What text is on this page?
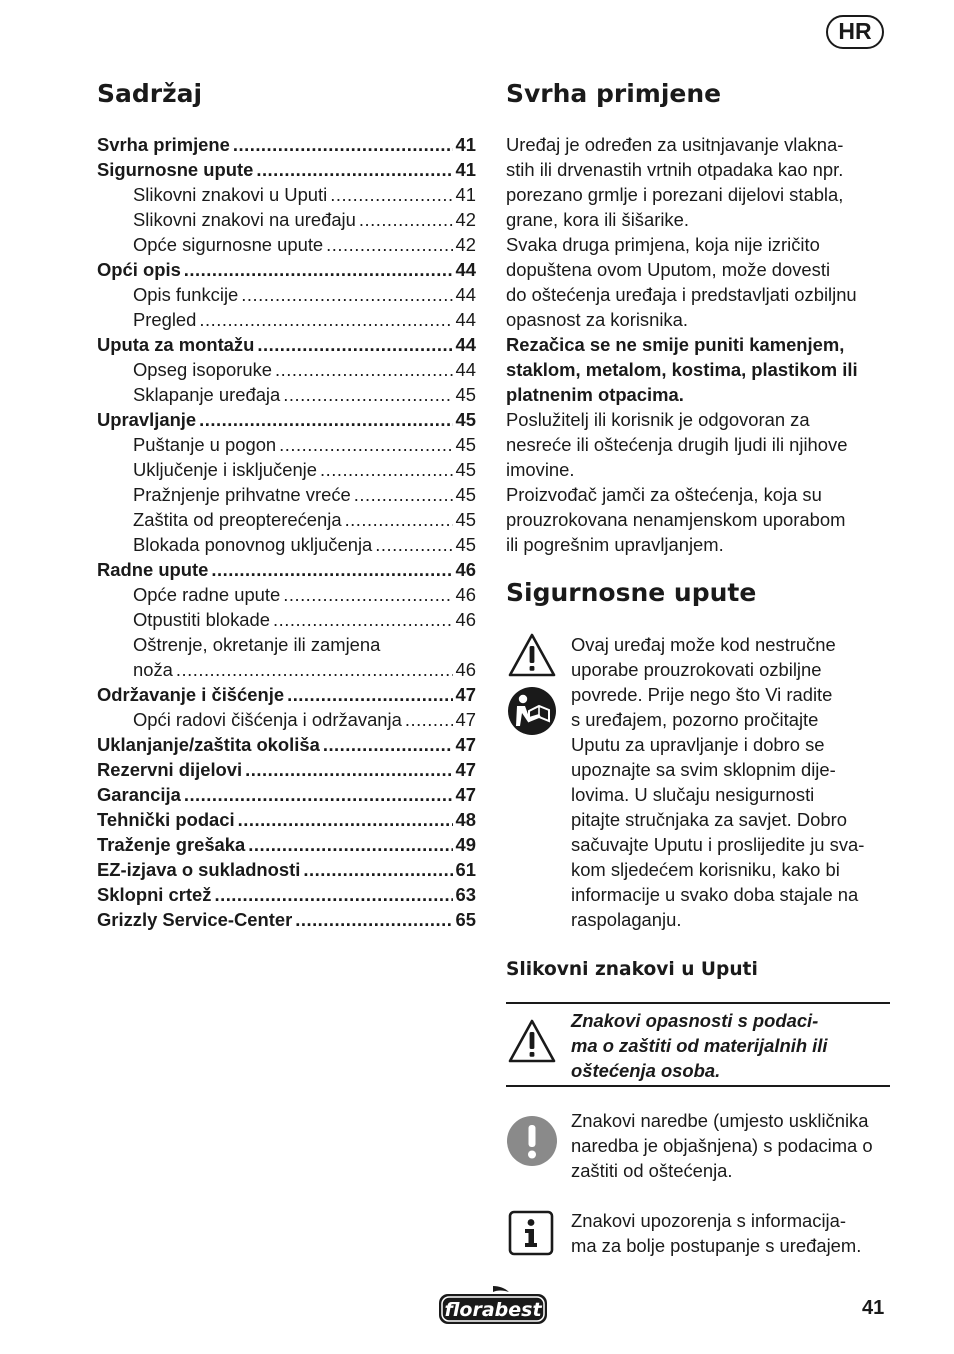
HR
Sadržaj
Svrha primjene .....	41
Sigurnosne upute .....	41
Slikovni znakovi u Uputi .....	41
Slikovni znakovi na uređaju .....	42
Opće sigurnosne upute .....	42
Opći opis .....	44
Opis funkcije .....	44
Pregled .....	44
Uputa za montažu .....	44
Opseg isoporuke .....	44
Sklapanje uređaja .....	45
Upravljanje .....	45
Puštanje u pogon .....	45
Uključenje i isključenje .....	45
Pražnjenje prihvatne vreće .....	45
Zaštita od preopterećenja .....	45
Blokada ponovnog uključenja .....	45
Radne upute .....	46
Opće radne upute .....	46
Otpustiti blokade .....	46
Oštrenje, okretanje ili zamjena
noža .....	46
Održavanje i čišćenje .....	47
Opći radovi čišćenja i održavanja .....	47
Uklanjanje/zaštita okoliša .....	47
Rezervni dijelovi .....	47
Garancija .....	47
Tehnički podaci .....	48
Traženje grešaka .....	49
EZ-izjava o sukladnosti .....	61
Sklopni crtež .....	63
Grizzly Service-Center .....	65
Svrha primjene
Uređaj je određen za usitnjavanje vlakna-
stih ili drvenastih vrtnih otpadaka kao npr.
porezano grmlje i porezani dijelovi stabla,
grane, kora ili šišarike.
Svaka druga primjena, koja nije izričito
dopuštena ovom Uputom, može dovesti
do oštećenja uređaja i predstavljati ozbiljnu
opasnost za korisnika.
Rezačica se ne smije puniti kamenjem,
staklom, metalom, kostima, plastikom ili
platnenim otpacima.
Poslužitelj ili korisnik je odgovoran za
nesreće ili oštećenja drugih ljudi ili njihove
imovine.
Proizvođač jamči za oštećenja, koja su
prouzrokovana nenamjenskom uporabom
ili pogrešnim upravljanjem.
Sigurnosne upute
Ovaj uređaj može kod nestručne
uporabe prouzrokovati ozbiljne
povrede. Prije nego što Vi radite
s uređajem, pozorno pročitajte
Uputu za upravljanje i dobro se
upoznajte sa svim sklopnim dije-
lovima. U slučaju nesigurnosti
pitajte stručnjaka za savjet. Dobro
sačuvajte Uputu i proslijedite ju sva-
kom sljedećem korisniku, kako bi
informacije u svako doba stajale na
raspolaganju.
Slikovni znakovi u Uputi
Znakovi opasnosti s podaci-
ma o zaštiti od materijalnih ili
oštećenja osoba.
Znakovi naredbe (umjesto uskličnika
naredba je objašnjena) s podacima o
zaštiti od oštećenja.
Znakovi upozorenja s informacija-
ma za bolje postupanje s uređajem.
florabest	41
